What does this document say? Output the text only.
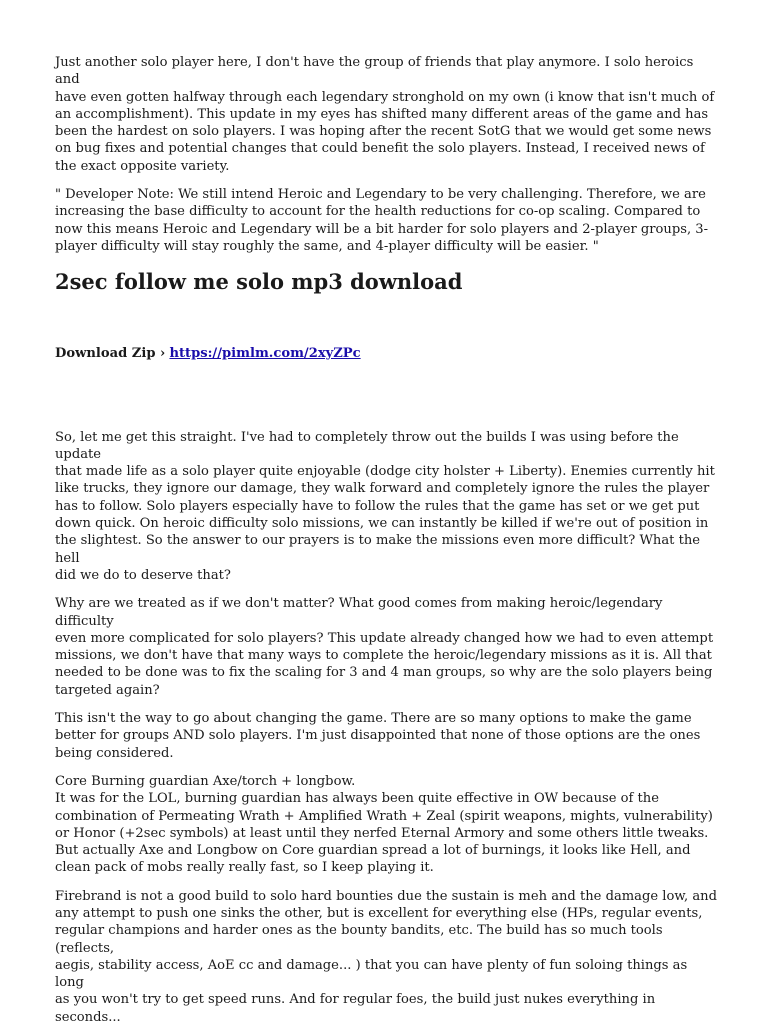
Just another solo player here, I don't have the group of friends that play anymore. I solo heroics and
have even gotten halfway through each legendary stronghold on my own (i know that isn't much of
an accomplishment). This update in my eyes has shifted many different areas of the game and has
been the hardest on solo players. I was hoping after the recent SotG that we would get some news
on bug fixes and potential changes that could benefit the solo players. Instead, I received news of
the exact opposite variety.

" Developer Note: We still intend Heroic and Legendary to be very challenging. Therefore, we are
increasing the base difficulty to account for the health reductions for co-op scaling. Compared to
now this means Heroic and Legendary will be a bit harder for solo players and 2-player groups, 3-
player difficulty will stay roughly the same, and 4-player difficulty will be easier. "

2sec follow me solo mp3 download
Download Zip › https://pimlm.com/2xyZPc

So, let me get this straight. I've had to completely throw out the builds I was using before the update
that made life as a solo player quite enjoyable (dodge city holster + Liberty). Enemies currently hit
like trucks, they ignore our damage, they walk forward and completely ignore the rules the player
has to follow. Solo players especially have to follow the rules that the game has set or we get put
down quick. On heroic difficulty solo missions, we can instantly be killed if we're out of position in
the slightest. So the answer to our prayers is to make the missions even more difficult? What the hell
did we do to deserve that?

Why are we treated as if we don't matter? What good comes from making heroic/legendary difficulty
even more complicated for solo players? This update already changed how we had to even attempt
missions, we don't have that many ways to complete the heroic/legendary missions as it is. All that
needed to be done was to fix the scaling for 3 and 4 man groups, so why are the solo players being
targeted again?

This isn't the way to go about changing the game. There are so many options to make the game
better for groups AND solo players. I'm just disappointed that none of those options are the ones
being considered.

Core Burning guardian Axe/torch + longbow.
It was for the LOL, burning guardian has always been quite effective in OW because of the
combination of Permeating Wrath + Amplified Wrath + Zeal (spirit weapons, mights, vulnerability)
or Honor (+2sec symbols) at least until they nerfed Eternal Armory and some others little tweaks.
But actually Axe and Longbow on Core guardian spread a lot of burnings, it looks like Hell, and
clean pack of mobs really really fast, so I keep playing it.

Firebrand is not a good build to solo hard bounties due the sustain is meh and the damage low, and
any attempt to push one sinks the other, but is excellent for everything else (HPs, regular events,
regular champions and harder ones as the bounty bandits, etc. The build has so much tools (reflects,
aegis, stability access, AoE cc and damage... ) that you can have plenty of fun soloing things as long
as you won't try to get speed runs. And for regular foes, the build just nukes everything in seconds...
